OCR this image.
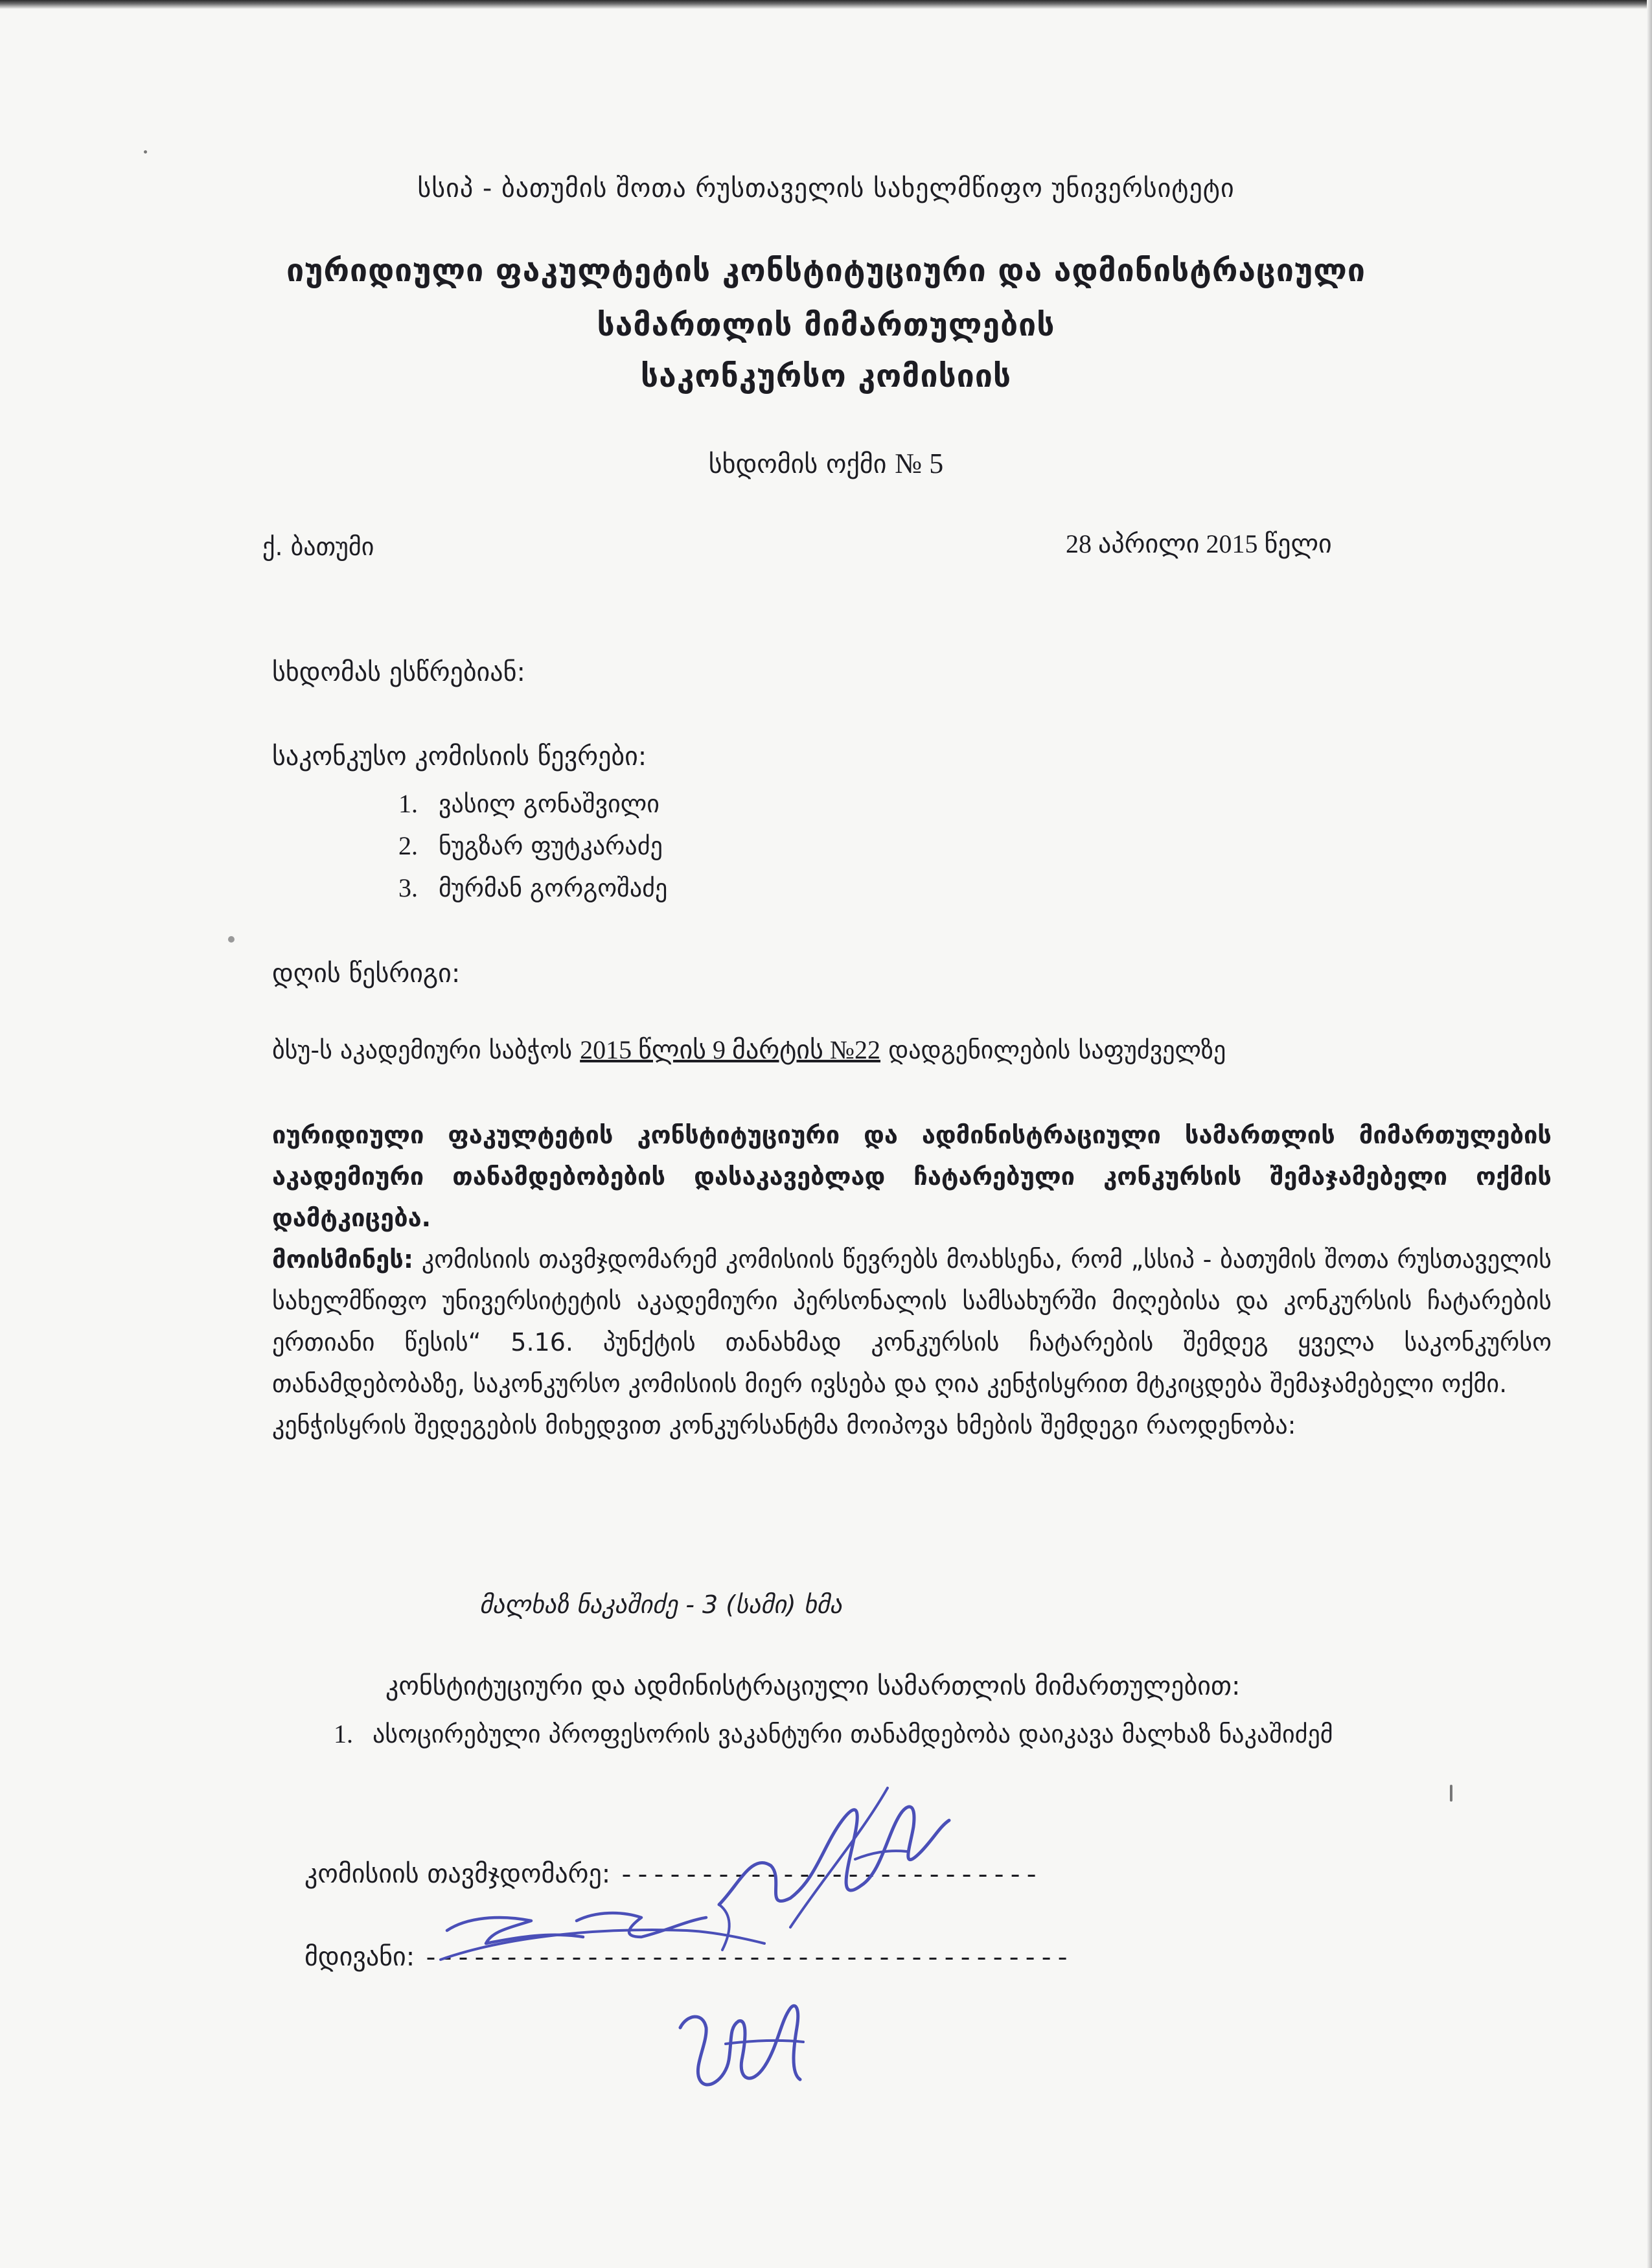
სსიპ - ბათუმის შოთა რუსთაველის სახელმწიფო უნივერსიტეტი
იურიდიული ფაკულტეტის კონსტიტუციური და ადმინისტრაციული
სამართლის მიმართულების
საკონკურსო კომისიის
სხდომის ოქმი № 5
ქ. ბათუმი	28 აპრილი 2015 წელი
სხდომას ესწრებიან:
საკონკუსო კომისიის წევრები:
1. ვასილ გონაშვილი
2. ნუგზარ ფუტკარაძე
3. მურმან გორგოშაძე
დღის წესრიგი:
ბსუ-ს აკადემიური საბჭოს 2015 წლის 9 მარტის №22 დადგენილების საფუძველზე

იურიდიული ფაკულტეტის კონსტიტუციური და ადმინისტრაციული სამართლის მიმართულების აკადემიური თანამდებობების დასაკავებლად ჩატარებული კონკურსის შემაჯამებელი ოქმის დამტკიცება.

მოისმინეს: კომისიის თავმჯდომარემ კომისიის წევრებს მოახსენა, რომ „სსიპ - ბათუმის შოთა რუსთაველის სახელმწიფო უნივერსიტეტის აკადემიური პერსონალის სამსახურში მიღებისა და კონკურსის ჩატარების ერთიანი წესის“ 5.16. პუნქტის თანახმად კონკურსის ჩატარების შემდეგ ყველა საკონკურსო თანამდებობაზე, საკონკურსო კომისიის მიერ ივსება და ღია კენჭისყრით მტკიცდება შემაჯამებელი ოქმი.

კენჭისყრის შედეგების მიხედვით კონკურსანტმა მოიპოვა ხმების შემდეგი რაოდენობა:

მალხაზ ნაკაშიძე - 3 (სამი) ხმა
კონსტიტუციური და ადმინისტრაციული სამართლის მიმართულებით:
1. ასოცირებული პროფესორის ვაკანტური თანამდებობა დაიკავა მალხაზ ნაკაშიძემ
კომისიის თავმჯდომარე: --------------------------
მდივანი: ----------------------------------------
